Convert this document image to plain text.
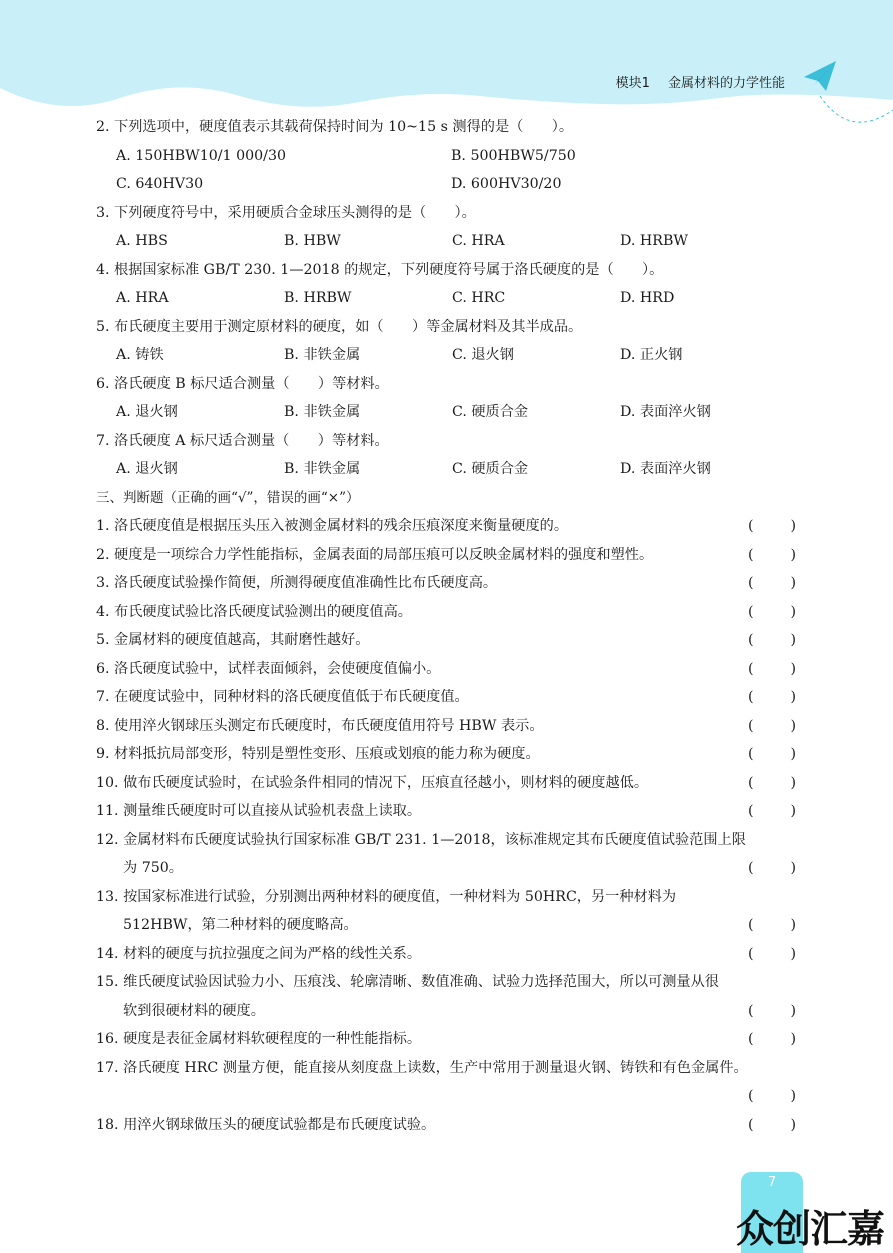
模块1 金属材料的力学性能
2. 下列选项中，硬度值表示其载荷保持时间为 10~15 s 测得的是（　　）。
A. 150HBW10/1 000/30	B. 500HBW5/750
C. 640HV30	D. 600HV30/20
3. 下列硬度符号中，采用硬质合金球压头测得的是（　　）。
A. HBS	B. HBW	C. HRA	D. HRBW
4. 根据国家标准 GB/T 230. 1—2018 的规定，下列硬度符号属于洛氏硬度的是（　　）。
A. HRA	B. HRBW	C. HRC	D. HRD
5. 布氏硬度主要用于测定原材料的硬度，如（　　）等金属材料及其半成品。
A. 铸铁	B. 非铁金属	C. 退火钢	D. 正火钢
6. 洛氏硬度 B 标尺适合测量（　　）等材料。
A. 退火钢	B. 非铁金属	C. 硬质合金	D. 表面淬火钢
7. 洛氏硬度 A 标尺适合测量（　　）等材料。
A. 退火钢	B. 非铁金属	C. 硬质合金	D. 表面淬火钢
三、判断题（正确的画“√”，错误的画“×”）
1. 洛氏硬度值是根据压头压入被测金属材料的残余压痕深度来衡量硬度的。	(	)
2. 硬度是一项综合力学性能指标，金属表面的局部压痕可以反映金属材料的强度和塑性。	(	)
3. 洛氏硬度试验操作简便，所测得硬度值准确性比布氏硬度高。	(	)
4. 布氏硬度试验比洛氏硬度试验测出的硬度值高。	(	)
5. 金属材料的硬度值越高，其耐磨性越好。	(	)
6. 洛氏硬度试验中，试样表面倾斜，会使硬度值偏小。	(	)
7. 在硬度试验中，同种材料的洛氏硬度值低于布氏硬度值。	(	)
8. 使用淬火钢球压头测定布氏硬度时，布氏硬度值用符号 HBW 表示。	(	)
9. 材料抵抗局部变形，特别是塑性变形、压痕或划痕的能力称为硬度。	(	)
10. 做布氏硬度试验时，在试验条件相同的情况下，压痕直径越小，则材料的硬度越低。	(	)
11. 测量维氏硬度时可以直接从试验机表盘上读取。	(	)
12. 金属材料布氏硬度试验执行国家标准 GB/T 231. 1—2018，该标准规定其布氏硬度值试验范围上限
为 750。	(	)
13. 按国家标准进行试验，分别测出两种材料的硬度值，一种材料为 50HRC，另一种材料为
512HBW，第二种材料的硬度略高。	(	)
14. 材料的硬度与抗拉强度之间为严格的线性关系。	(	)
15. 维氏硬度试验因试验力小、压痕浅、轮廓清晰、数值准确、试验力选择范围大，所以可测量从很
软到很硬材料的硬度。	(	)
16. 硬度是表征金属材料软硬程度的一种性能指标。	(	)
17. 洛氏硬度 HRC 测量方便，能直接从刻度盘上读数，生产中常用于测量退火钢、铸铁和有色金属件。
(	)
18. 用淬火钢球做压头的硬度试验都是布氏硬度试验。	(	)
7
众创汇嘉
